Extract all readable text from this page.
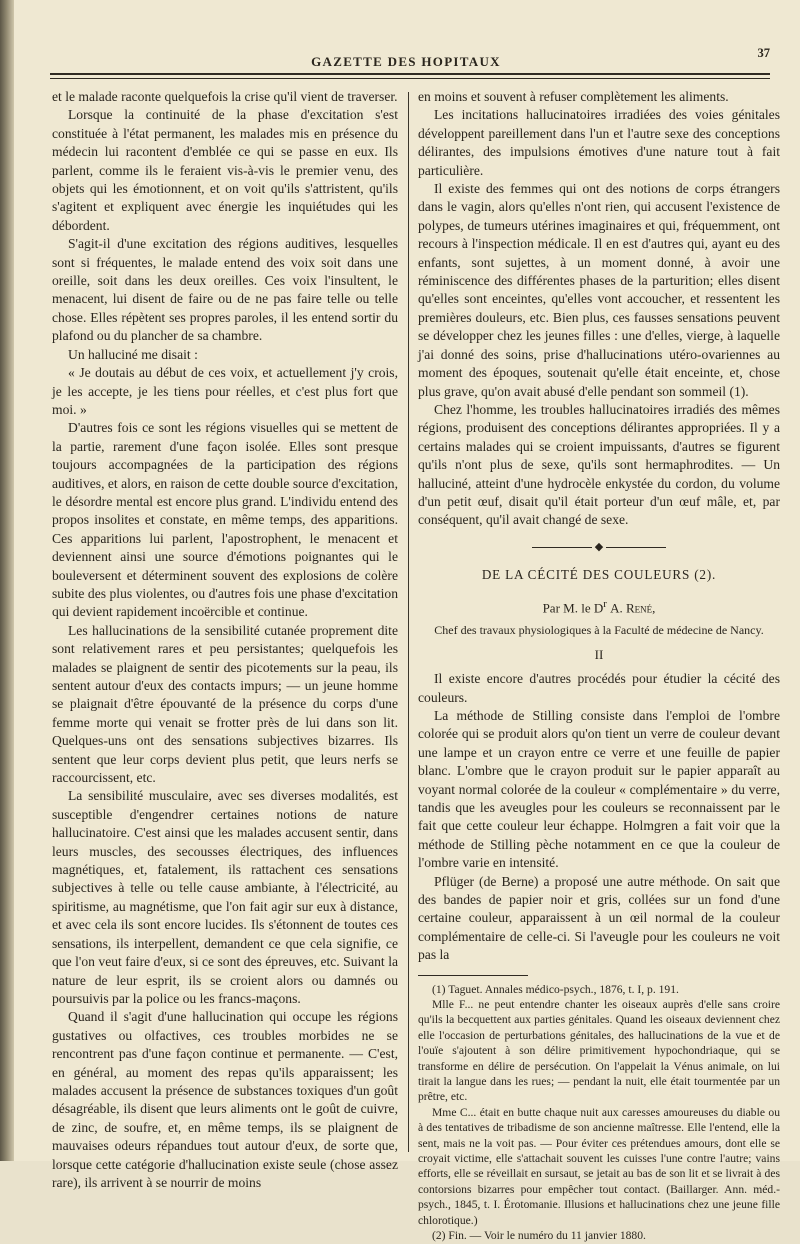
GAZETTE DES HOPITAUX
37

et le malade raconte quelquefois la crise qu'il vient de traverser.

Lorsque la continuité de la phase d'excitation s'est constituée à l'état permanent, les malades mis en présence du médecin lui racontent d'emblée ce qui se passe en eux. Ils parlent, comme ils le feraient vis-à-vis le premier venu, des objets qui les émotionnent, et on voit qu'ils s'attristent, qu'ils s'agitent et expliquent avec énergie les inquiétudes qui les débordent.

S'agit-il d'une excitation des régions auditives, lesquelles sont si fréquentes, le malade entend des voix soit dans une oreille, soit dans les deux oreilles. Ces voix l'insultent, le menacent, lui disent de faire ou de ne pas faire telle ou telle chose. Elles répètent ses propres paroles, il les entend sortir du plafond ou du plancher de sa chambre.

Un halluciné me disait :

« Je doutais au début de ces voix, et actuellement j'y crois, je les accepte, je les tiens pour réelles, et c'est plus fort que moi. »

D'autres fois ce sont les régions visuelles qui se mettent de la partie, rarement d'une façon isolée. Elles sont presque toujours accompagnées de la participation des régions auditives, et alors, en raison de cette double source d'excitation, le désordre mental est encore plus grand. L'individu entend des propos insolites et constate, en même temps, des apparitions. Ces apparitions lui parlent, l'apostrophent, le menacent et deviennent ainsi une source d'émotions poignantes qui le bouleversent et déterminent souvent des explosions de colère subite des plus violentes, ou d'autres fois une phase d'excitation qui devient rapidement incoërcible et continue.

Les hallucinations de la sensibilité cutanée proprement dite sont relativement rares et peu persistantes; quelquefois les malades se plaignent de sentir des picotements sur la peau, ils sentent autour d'eux des contacts impurs; — un jeune homme se plaignait d'être épouvanté de la présence du corps d'une femme morte qui venait se frotter près de lui dans son lit. Quelques-uns ont des sensations subjectives bizarres. Ils sentent que leur corps devient plus petit, que leurs nerfs se raccourcissent, etc.

La sensibilité musculaire, avec ses diverses modalités, est susceptible d'engendrer certaines notions de nature hallucinatoire. C'est ainsi que les malades accusent sentir, dans leurs muscles, des secousses électriques, des influences magnétiques, et, fatalement, ils rattachent ces sensations subjectives à telle ou telle cause ambiante, à l'électricité, au spiritisme, au magnétisme, que l'on fait agir sur eux à distance, et avec cela ils sont encore lucides. Ils s'étonnent de toutes ces sensations, ils interpellent, demandent ce que cela signifie, ce que l'on veut faire d'eux, si ce sont des épreuves, etc. Suivant la nature de leur esprit, ils se croient alors ou damnés ou poursuivis par la police ou les francs-maçons.

Quand il s'agit d'une hallucination qui occupe les régions gustatives ou olfactives, ces troubles morbides ne se rencontrent pas d'une façon continue et permanente. — C'est, en général, au moment des repas qu'ils apparaissent; les malades accusent la présence de substances toxiques d'un goût désagréable, ils disent que leurs aliments ont le goût de cuivre, de zinc, de soufre, et, en même temps, ils se plaignent de mauvaises odeurs répandues tout autour d'eux, de sorte que, lorsque cette catégorie d'hallucination existe seule (chose assez rare), ils arrivent à se nourrir de moins

en moins et souvent à refuser complètement les aliments.

Les incitations hallucinatoires irradiées des voies génitales développent pareillement dans l'un et l'autre sexe des conceptions délirantes, des impulsions émotives d'une nature tout à fait particulière.

Il existe des femmes qui ont des notions de corps étrangers dans le vagin, alors qu'elles n'ont rien, qui accusent l'existence de polypes, de tumeurs utérines imaginaires et qui, fréquemment, ont recours à l'inspection médicale. Il en est d'autres qui, ayant eu des enfants, sont sujettes, à un moment donné, à avoir une réminiscence des différentes phases de la parturition; elles disent qu'elles sont enceintes, qu'elles vont accoucher, et ressentent les premières douleurs, etc. Bien plus, ces fausses sensations peuvent se développer chez les jeunes filles : une d'elles, vierge, à laquelle j'ai donné des soins, prise d'hallucinations utéro-ovariennes au moment des époques, soutenait qu'elle était enceinte, et, chose plus grave, qu'on avait abusé d'elle pendant son sommeil (1).

Chez l'homme, les troubles hallucinatoires irradiés des mêmes régions, produisent des conceptions délirantes appropriées. Il y a certains malades qui se croient impuissants, d'autres se figurent qu'ils n'ont plus de sexe, qu'ils sont hermaphrodites. — Un halluciné, atteint d'une hydrocèle enkystée du cordon, du volume d'un petit œuf, disait qu'il était porteur d'un œuf mâle, et, par conséquent, qu'il avait changé de sexe.

◆
DE LA CÉCITÉ DES COULEURS (2).
Par M. le $D^r$ A. René,
Chef des travaux physiologiques à la Faculté de médecine de Nancy.
II

Il existe encore d'autres procédés pour étudier la cécité des couleurs.

La méthode de Stilling consiste dans l'emploi de l'ombre colorée qui se produit alors qu'on tient un verre de couleur devant une lampe et un crayon entre ce verre et une feuille de papier blanc. L'ombre que le crayon produit sur le papier apparaît au voyant normal colorée de la couleur « complémentaire » du verre, tandis que les aveugles pour les couleurs se reconnaissent par le fait que cette couleur leur échappe. Holmgren a fait voir que la méthode de Stilling pèche notamment en ce que la couleur de l'ombre varie en intensité.

Pflüger (de Berne) a proposé une autre méthode. On sait que des bandes de papier noir et gris, collées sur un fond d'une certaine couleur, apparaissent à un œil normal de la couleur complémentaire de celle-ci. Si l'aveugle pour les couleurs ne voit pas la

(1) Taguet. Annales médico-psych., 1876, t. I, p. 191.

Mlle F... ne peut entendre chanter les oiseaux auprès d'elle sans croire qu'ils la becquettent aux parties génitales. Quand les oiseaux deviennent chez elle l'occasion de perturbations génitales, des hallucinations de la vue et de l'ouïe s'ajoutent à son délire primitivement hypochondriaque, qui se transforme en délire de persécution. On l'appelait la Vénus animale, on lui tirait la langue dans les rues; — pendant la nuit, elle était tourmentée par un prêtre, etc.

Mme C... était en butte chaque nuit aux caresses amoureuses du diable ou à des tentatives de tribadisme de son ancienne maîtresse. Elle l'entend, elle la sent, mais ne la voit pas. — Pour éviter ces prétendues amours, dont elle se croyait victime, elle s'attachait souvent les cuisses l'une contre l'autre; vains efforts, elle se réveillait en sursaut, se jetait au bas de son lit et se livrait à des contorsions bizarres pour empêcher tout contact. (Baillarger. Ann. méd.-psych., 1845, t. I. Érotomanie. Illusions et hallucinations chez une jeune fille chlorotique.)

(2) Fin. — Voir le numéro du 11 janvier 1880.
